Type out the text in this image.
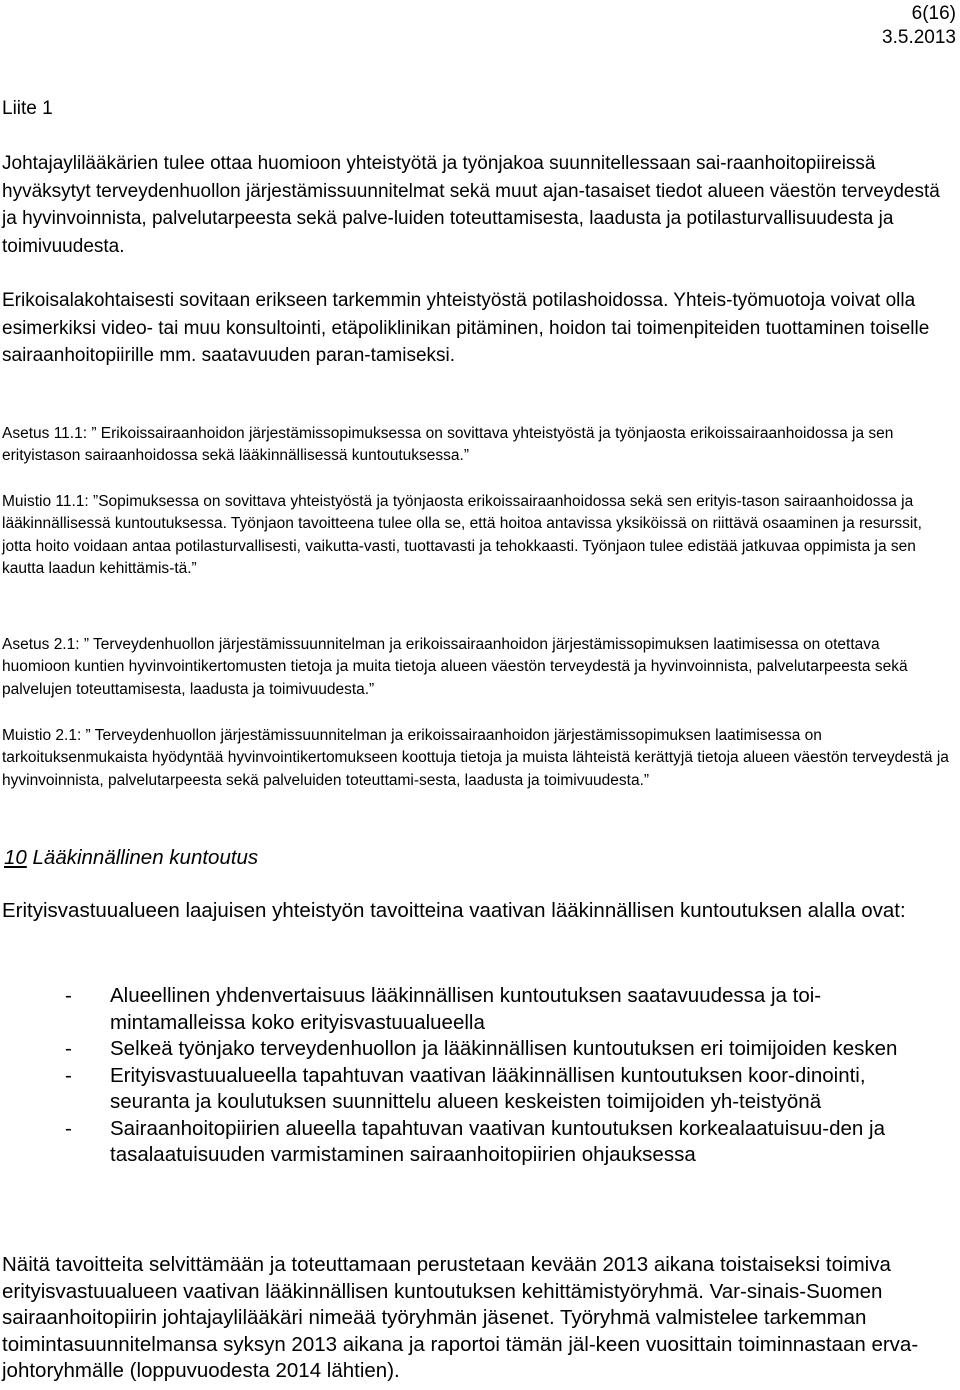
6(16)
3.5.2013
Liite 1
Johtajaylilääkärien tulee ottaa huomioon yhteistyötä ja työnjakoa suunnitellessaan sai-raanhoitopiireissä hyväksytyt terveydenhuollon järjestämissuunnitelmat sekä muut ajan-tasaiset tiedot alueen väestön terveydestä ja hyvinvoinnista, palvelutarpeesta sekä palve-luiden toteuttamisesta, laadusta ja potilasturvallisuudesta ja toimivuudesta.
Erikoisalakohtaisesti sovitaan erikseen tarkemmin yhteistyöstä potilashoidossa. Yhteis-työmuotoja voivat olla esimerkiksi video- tai muu konsultointi, etäpoliklinikan pitäminen, hoidon tai toimenpiteiden tuottaminen toiselle sairaanhoitopiirille mm. saatavuuden paran-tamiseksi.
Asetus 11.1: ” Erikoissairaanhoidon järjestämissopimuksessa on sovittava yhteistyöstä ja työnjaosta erikoissairaanhoidossa ja sen erityistason sairaanhoidossa sekä lääkinnällisessä kuntoutuksessa.”
Muistio 11.1: ”Sopimuksessa on sovittava yhteistyöstä ja työnjaosta erikoissairaanhoidossa sekä sen erityis-tason sairaanhoidossa ja lääkinnällisessä kuntoutuksessa. Työnjaon tavoitteena tulee olla se, että hoitoa antavissa yksiköissä on riittävä osaaminen ja resurssit, jotta hoito voidaan antaa potilasturvallisesti, vaikutta-vasti, tuottavasti ja tehokkaasti. Työnjaon tulee edistää jatkuvaa oppimista ja sen kautta laadun kehittämis-tä.”
Asetus 2.1: ” Terveydenhuollon järjestämissuunnitelman ja erikoissairaanhoidon järjestämissopimuksen laatimisessa on otettava huomioon kuntien hyvinvointikertomusten tietoja ja muita tietoja alueen väestön terveydestä ja hyvinvoinnista, palvelutarpeesta sekä palvelujen toteuttamisesta, laadusta ja toimivuudesta.”
Muistio 2.1: ” Terveydenhuollon järjestämissuunnitelman ja erikoissairaanhoidon järjestämissopimuksen laatimisessa on tarkoituksenmukaista hyödyntää hyvinvointikertomukseen koottuja tietoja ja muista lähteistä kerättyjä tietoja alueen väestön terveydestä ja hyvinvoinnista, palvelutarpeesta sekä palveluiden toteuttami-sesta, laadusta ja toimivuudesta.”
10 Lääkinnällinen kuntoutus
Erityisvastuualueen laajuisen yhteistyön tavoitteina vaativan lääkinnällisen kuntoutuksen alalla ovat:
- Alueellinen yhdenvertaisuus lääkinnällisen kuntoutuksen saatavuudessa ja toi-mintamalleissa koko erityisvastuualueella
- Selkeä työnjako terveydenhuollon ja lääkinnällisen kuntoutuksen eri toimijoiden kesken
- Erityisvastuualueella tapahtuvan vaativan lääkinnällisen kuntoutuksen koor-dinointi, seuranta ja koulutuksen suunnittelu alueen keskeisten toimijoiden yh-teistyönä
- Sairaanhoitopiirien alueella tapahtuvan vaativan kuntoutuksen korkealaatuisuu-den ja tasalaatuisuuden varmistaminen sairaanhoitopiirien ohjauksessa
Näitä tavoitteita selvittämään ja toteuttamaan perustetaan kevään 2013 aikana toistaiseksi toimiva erityisvastuualueen vaativan lääkinnällisen kuntoutuksen kehittämistyöryhmä. Var-sinais-Suomen sairaanhoitopiirin johtajaylilääkäri nimeää työryhmän jäsenet. Työryhmä valmistelee tarkemman toimintasuunnitelmansa syksyn 2013 aikana ja raportoi tämän jäl-keen vuosittain toiminnastaan erva-johtoryhmälle (loppuvuodesta 2014 lähtien).
